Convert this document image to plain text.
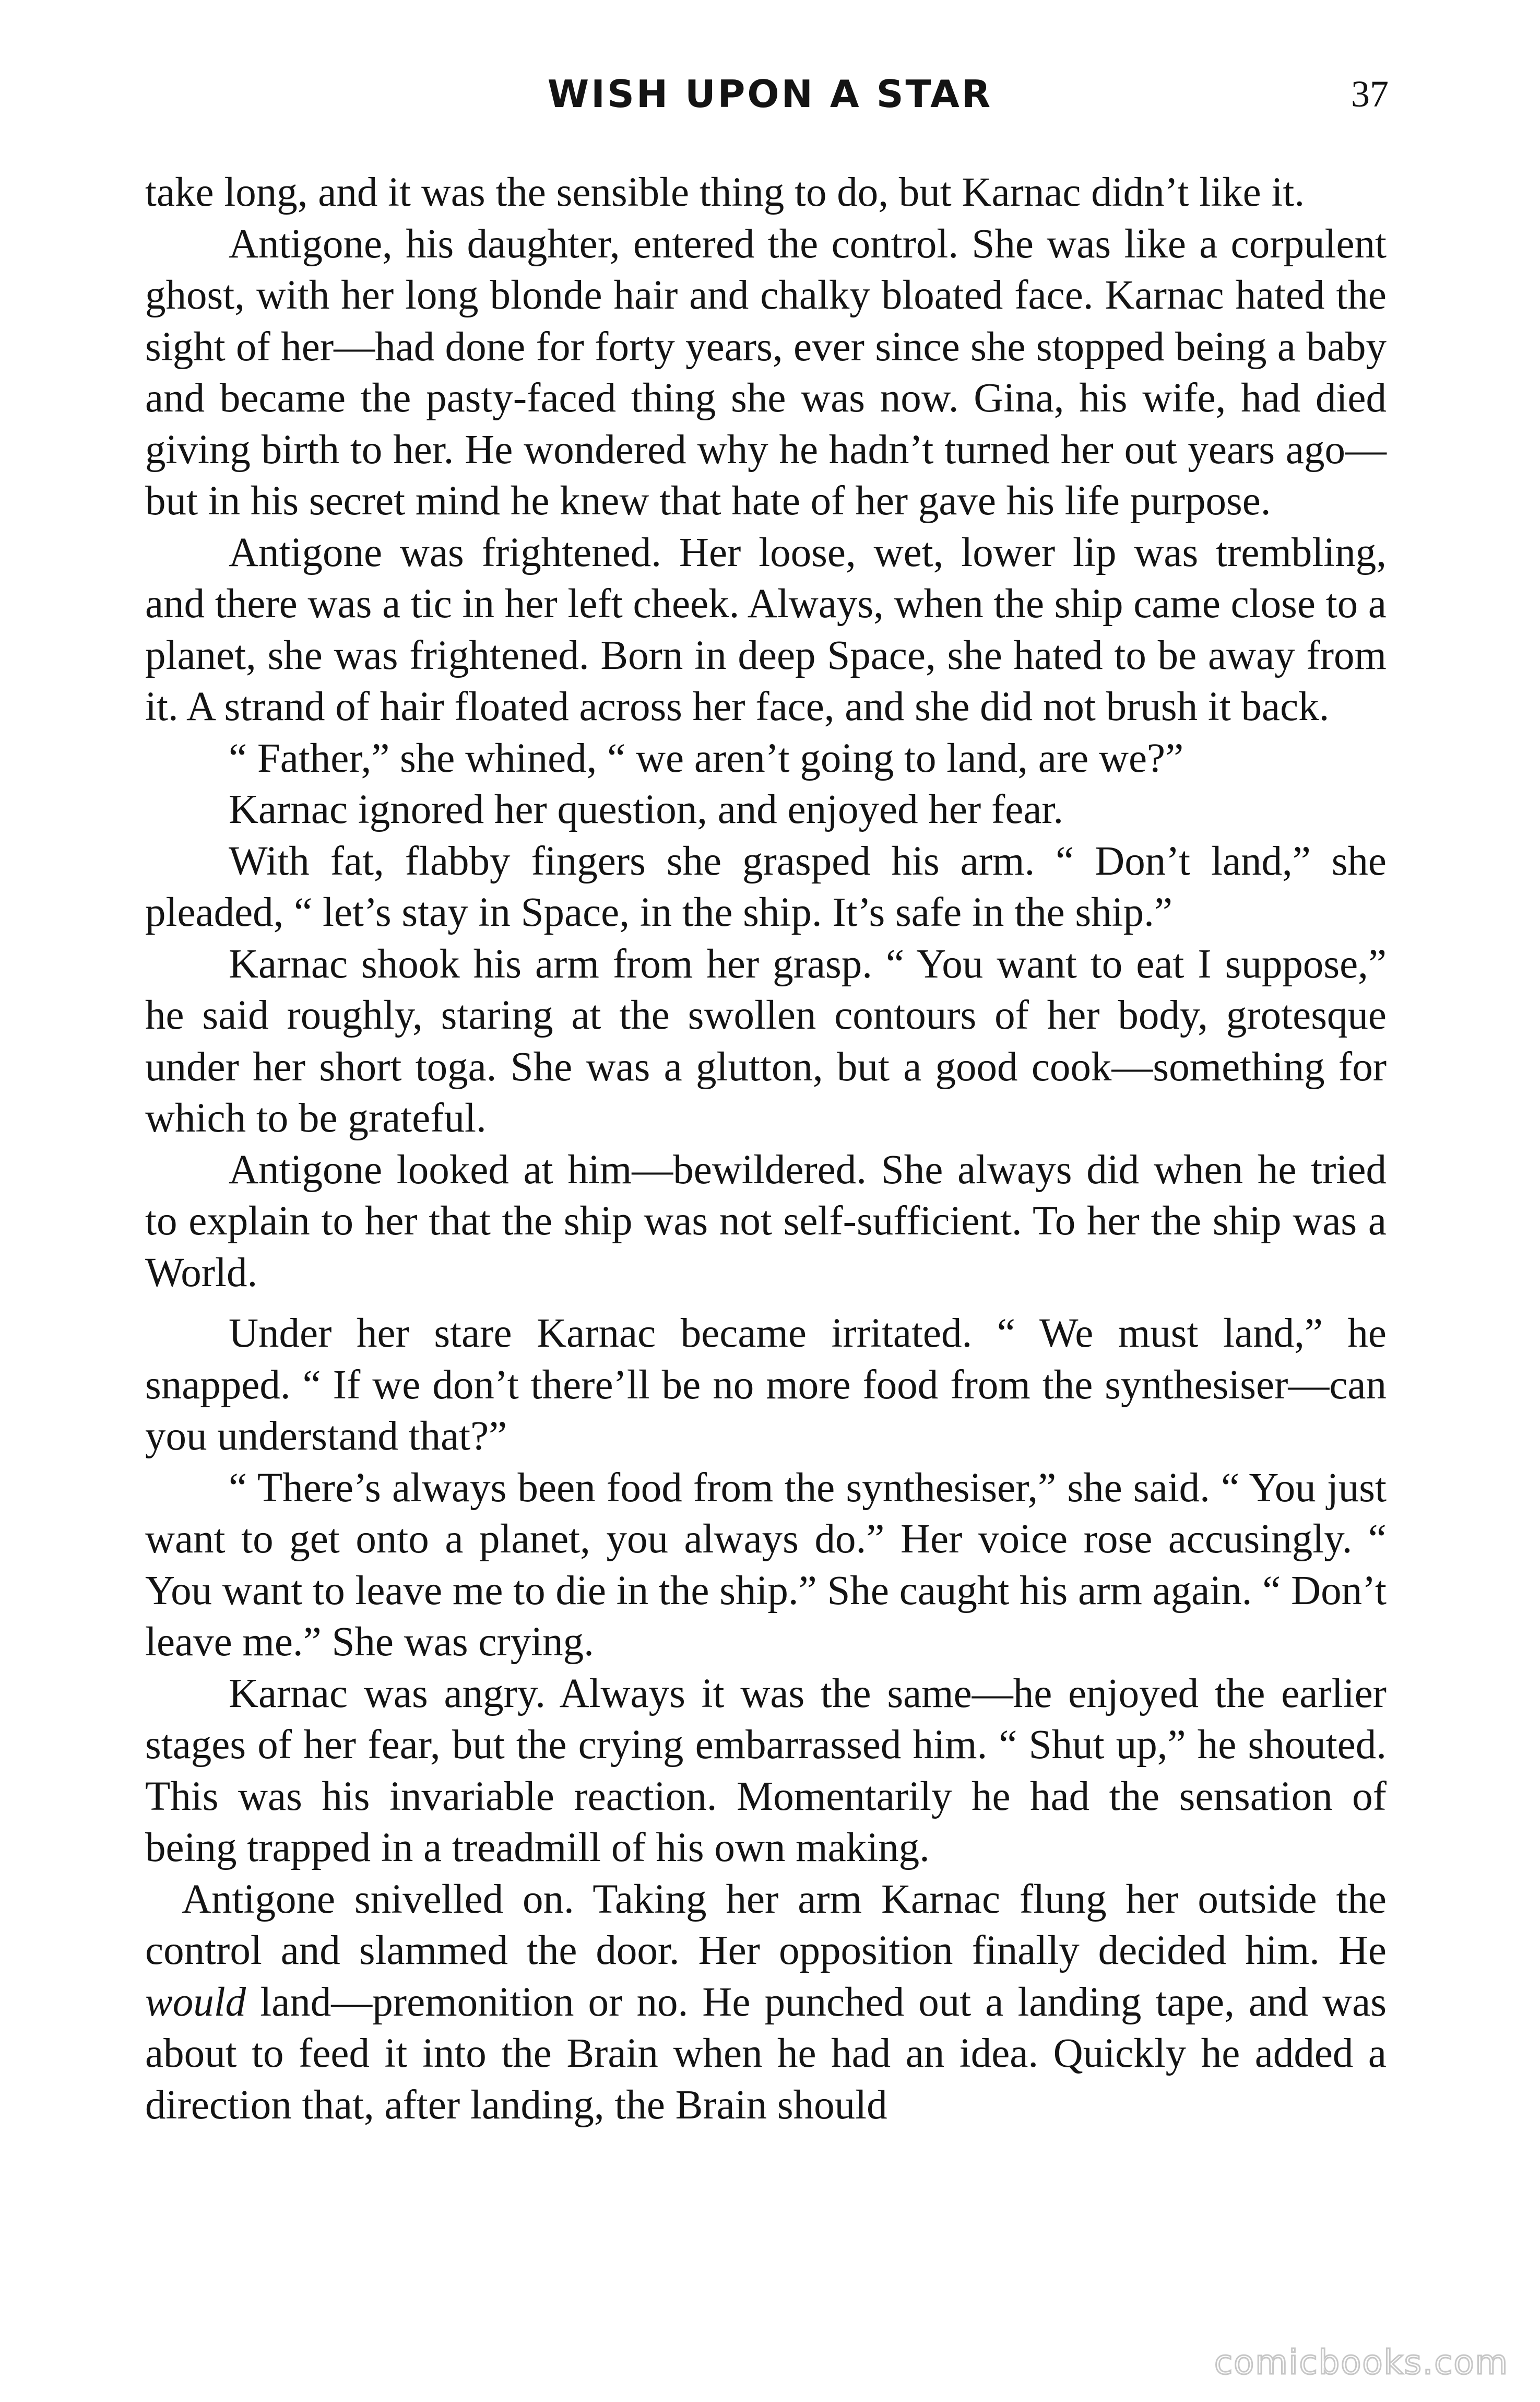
WISH UPON A STAR	37

take long, and it was the sensible thing to do, but Karnac didn’t like it.

Antigone, his daughter, entered the control. She was like a corpulent ghost, with her long blonde hair and chalky bloated face. Karnac hated the sight of her—had done for forty years, ever since she stopped being a baby and became the pasty-faced thing she was now. Gina, his wife, had died giving birth to her. He wondered why he hadn’t turned her out years ago—but in his secret mind he knew that hate of her gave his life purpose.

Antigone was frightened. Her loose, wet, lower lip was trembling, and there was a tic in her left cheek. Always, when the ship came close to a planet, she was frightened. Born in deep Space, she hated to be away from it. A strand of hair floated across her face, and she did not brush it back.

“ Father,” she whined, “ we aren’t going to land, are we?”

Karnac ignored her question, and enjoyed her fear.

With fat, flabby fingers she grasped his arm. “ Don’t land,” she pleaded, “ let’s stay in Space, in the ship. It’s safe in the ship.”

Karnac shook his arm from her grasp. “ You want to eat I suppose,” he said roughly, staring at the swollen contours of her body, grotesque under her short toga. She was a glutton, but a good cook—something for which to be grateful.

Antigone looked at him—bewildered. She always did when he tried to explain to her that the ship was not self-sufficient. To her the ship was a World.

Under her stare Karnac became irritated. “ We must land,” he snapped. “ If we don’t there’ll be no more food from the synthesiser—can you understand that?”

“ There’s always been food from the synthesiser,” she said. “ You just want to get onto a planet, you always do.” Her voice rose accusingly. “ You want to leave me to die in the ship.” She caught his arm again. “ Don’t leave me.” She was crying.

Karnac was angry. Always it was the same—he enjoyed the earlier stages of her fear, but the crying embarrassed him. “ Shut up,” he shouted. This was his invariable reaction. Momentarily he had the sensation of being trapped in a treadmill of his own making.

Antigone snivelled on. Taking her arm Karnac flung her outside the control and slammed the door. Her opposition finally decided him. He would land—premonition or no. He punched out a landing tape, and was about to feed it into the Brain when he had an idea. Quickly he added a direction that, after landing, the Brain should

comicbooks.com
